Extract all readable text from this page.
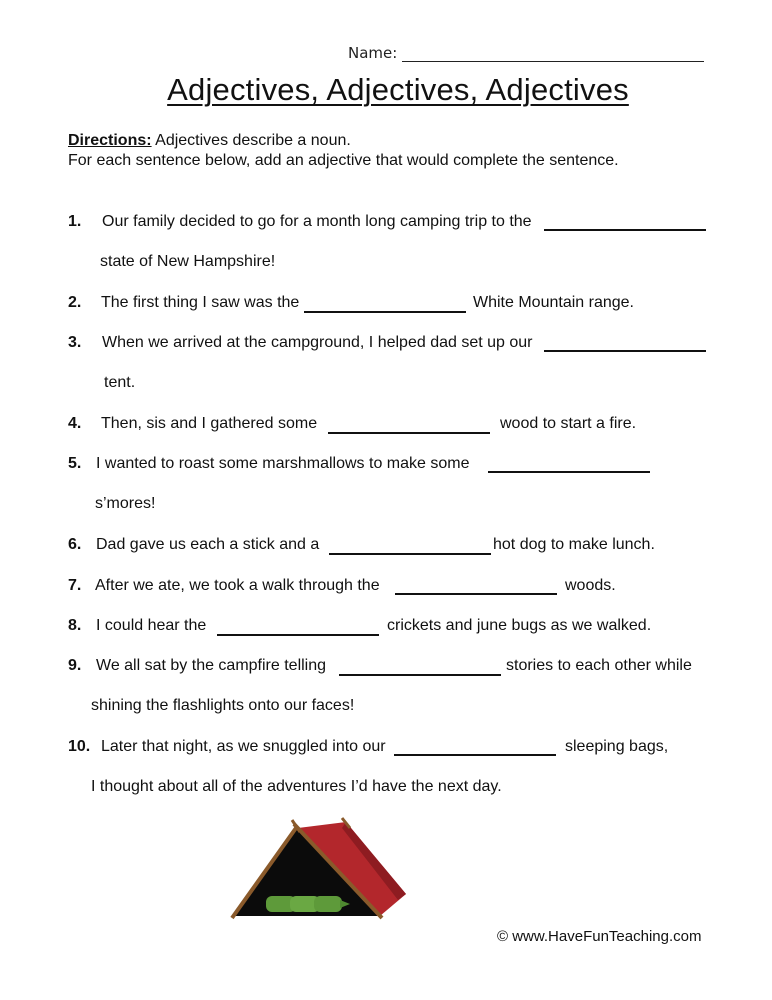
Name:
Adjectives, Adjectives, Adjectives
Directions: Adjectives describe a noun.
For each sentence below, add an adjective that would complete the sentence.
1. Our family decided to go for a month long camping trip to the
state of New Hampshire!
2. The first thing I saw was the	White Mountain range.
3. When we arrived at the campground, I helped dad set up our
tent.
4. Then, sis and I gathered some	wood to start a fire.
5. I wanted to roast some marshmallows to make some
s’mores!
6. Dad gave us each a stick and a	hot dog to make lunch.
7. After we ate, we took a walk through the	woods.
8. I could hear the	crickets and june bugs as we walked.
9. We all sat by the campfire telling	stories to each other while
shining the flashlights onto our faces!
10. Later that night, as we snuggled into our	sleeping bags,
I thought about all of the adventures I’d have the next day.
© www.HaveFunTeaching.com
